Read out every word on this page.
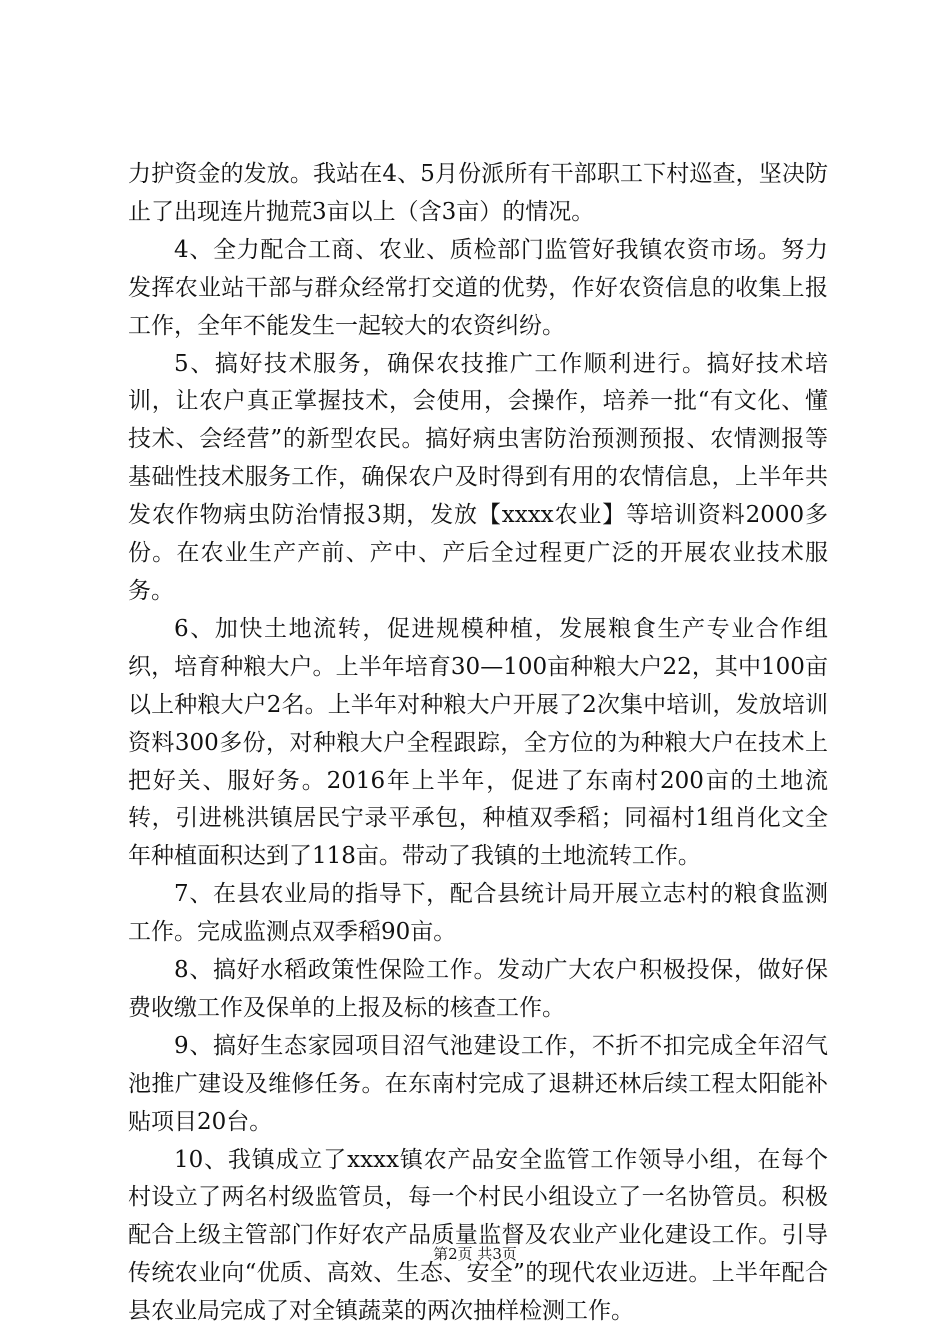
力护资金的发放。我站在4、5月份派所有干部职工下村巡查，坚决防止了出现连片抛荒3亩以上（含3亩）的情况。

4、全力配合工商、农业、质检部门监管好我镇农资市场。努力发挥农业站干部与群众经常打交道的优势，作好农资信息的收集上报工作，全年不能发生一起较大的农资纠纷。

5、搞好技术服务，确保农技推广工作顺利进行。搞好技术培训，让农户真正掌握技术，会使用，会操作，培养一批“有文化、懂技术、会经营”的新型农民。搞好病虫害防治预测预报、农情测报等基础性技术服务工作，确保农户及时得到有用的农情信息，上半年共发农作物病虫防治情报3期，发放【xxxx农业】等培训资料2000多份。在农业生产产前、产中、产后全过程更广泛的开展农业技术服务。

6、加快土地流转，促进规模种植，发展粮食生产专业合作组织，培育种粮大户。上半年培育30—100亩种粮大户22，其中100亩以上种粮大户2名。上半年对种粮大户开展了2次集中培训，发放培训资料300多份，对种粮大户全程跟踪，全方位的为种粮大户在技术上把好关、服好务。2016年上半年，促进了东南村200亩的土地流转，引进桃洪镇居民宁录平承包，种植双季稻；同福村1组肖化文全年种植面积达到了118亩。带动了我镇的土地流转工作。

7、在县农业局的指导下，配合县统计局开展立志村的粮食监测工作。完成监测点双季稻90亩。

8、搞好水稻政策性保险工作。发动广大农户积极投保，做好保费收缴工作及保单的上报及标的核查工作。

9、搞好生态家园项目沼气池建设工作，不折不扣完成全年沼气池推广建设及维修任务。在东南村完成了退耕还林后续工程太阳能补贴项目20台。

10、我镇成立了xxxx镇农产品安全监管工作领导小组，在每个村设立了两名村级监管员，每一个村民小组设立了一名协管员。积极配合上级主管部门作好农产品质量监督及农业产业化建设工作。引导传统农业向“优质、高效、生态、安全”的现代农业迈进。上半年配合县农业局完成了对全镇蔬菜的两次抽样检测工作。

第2页 共3页
